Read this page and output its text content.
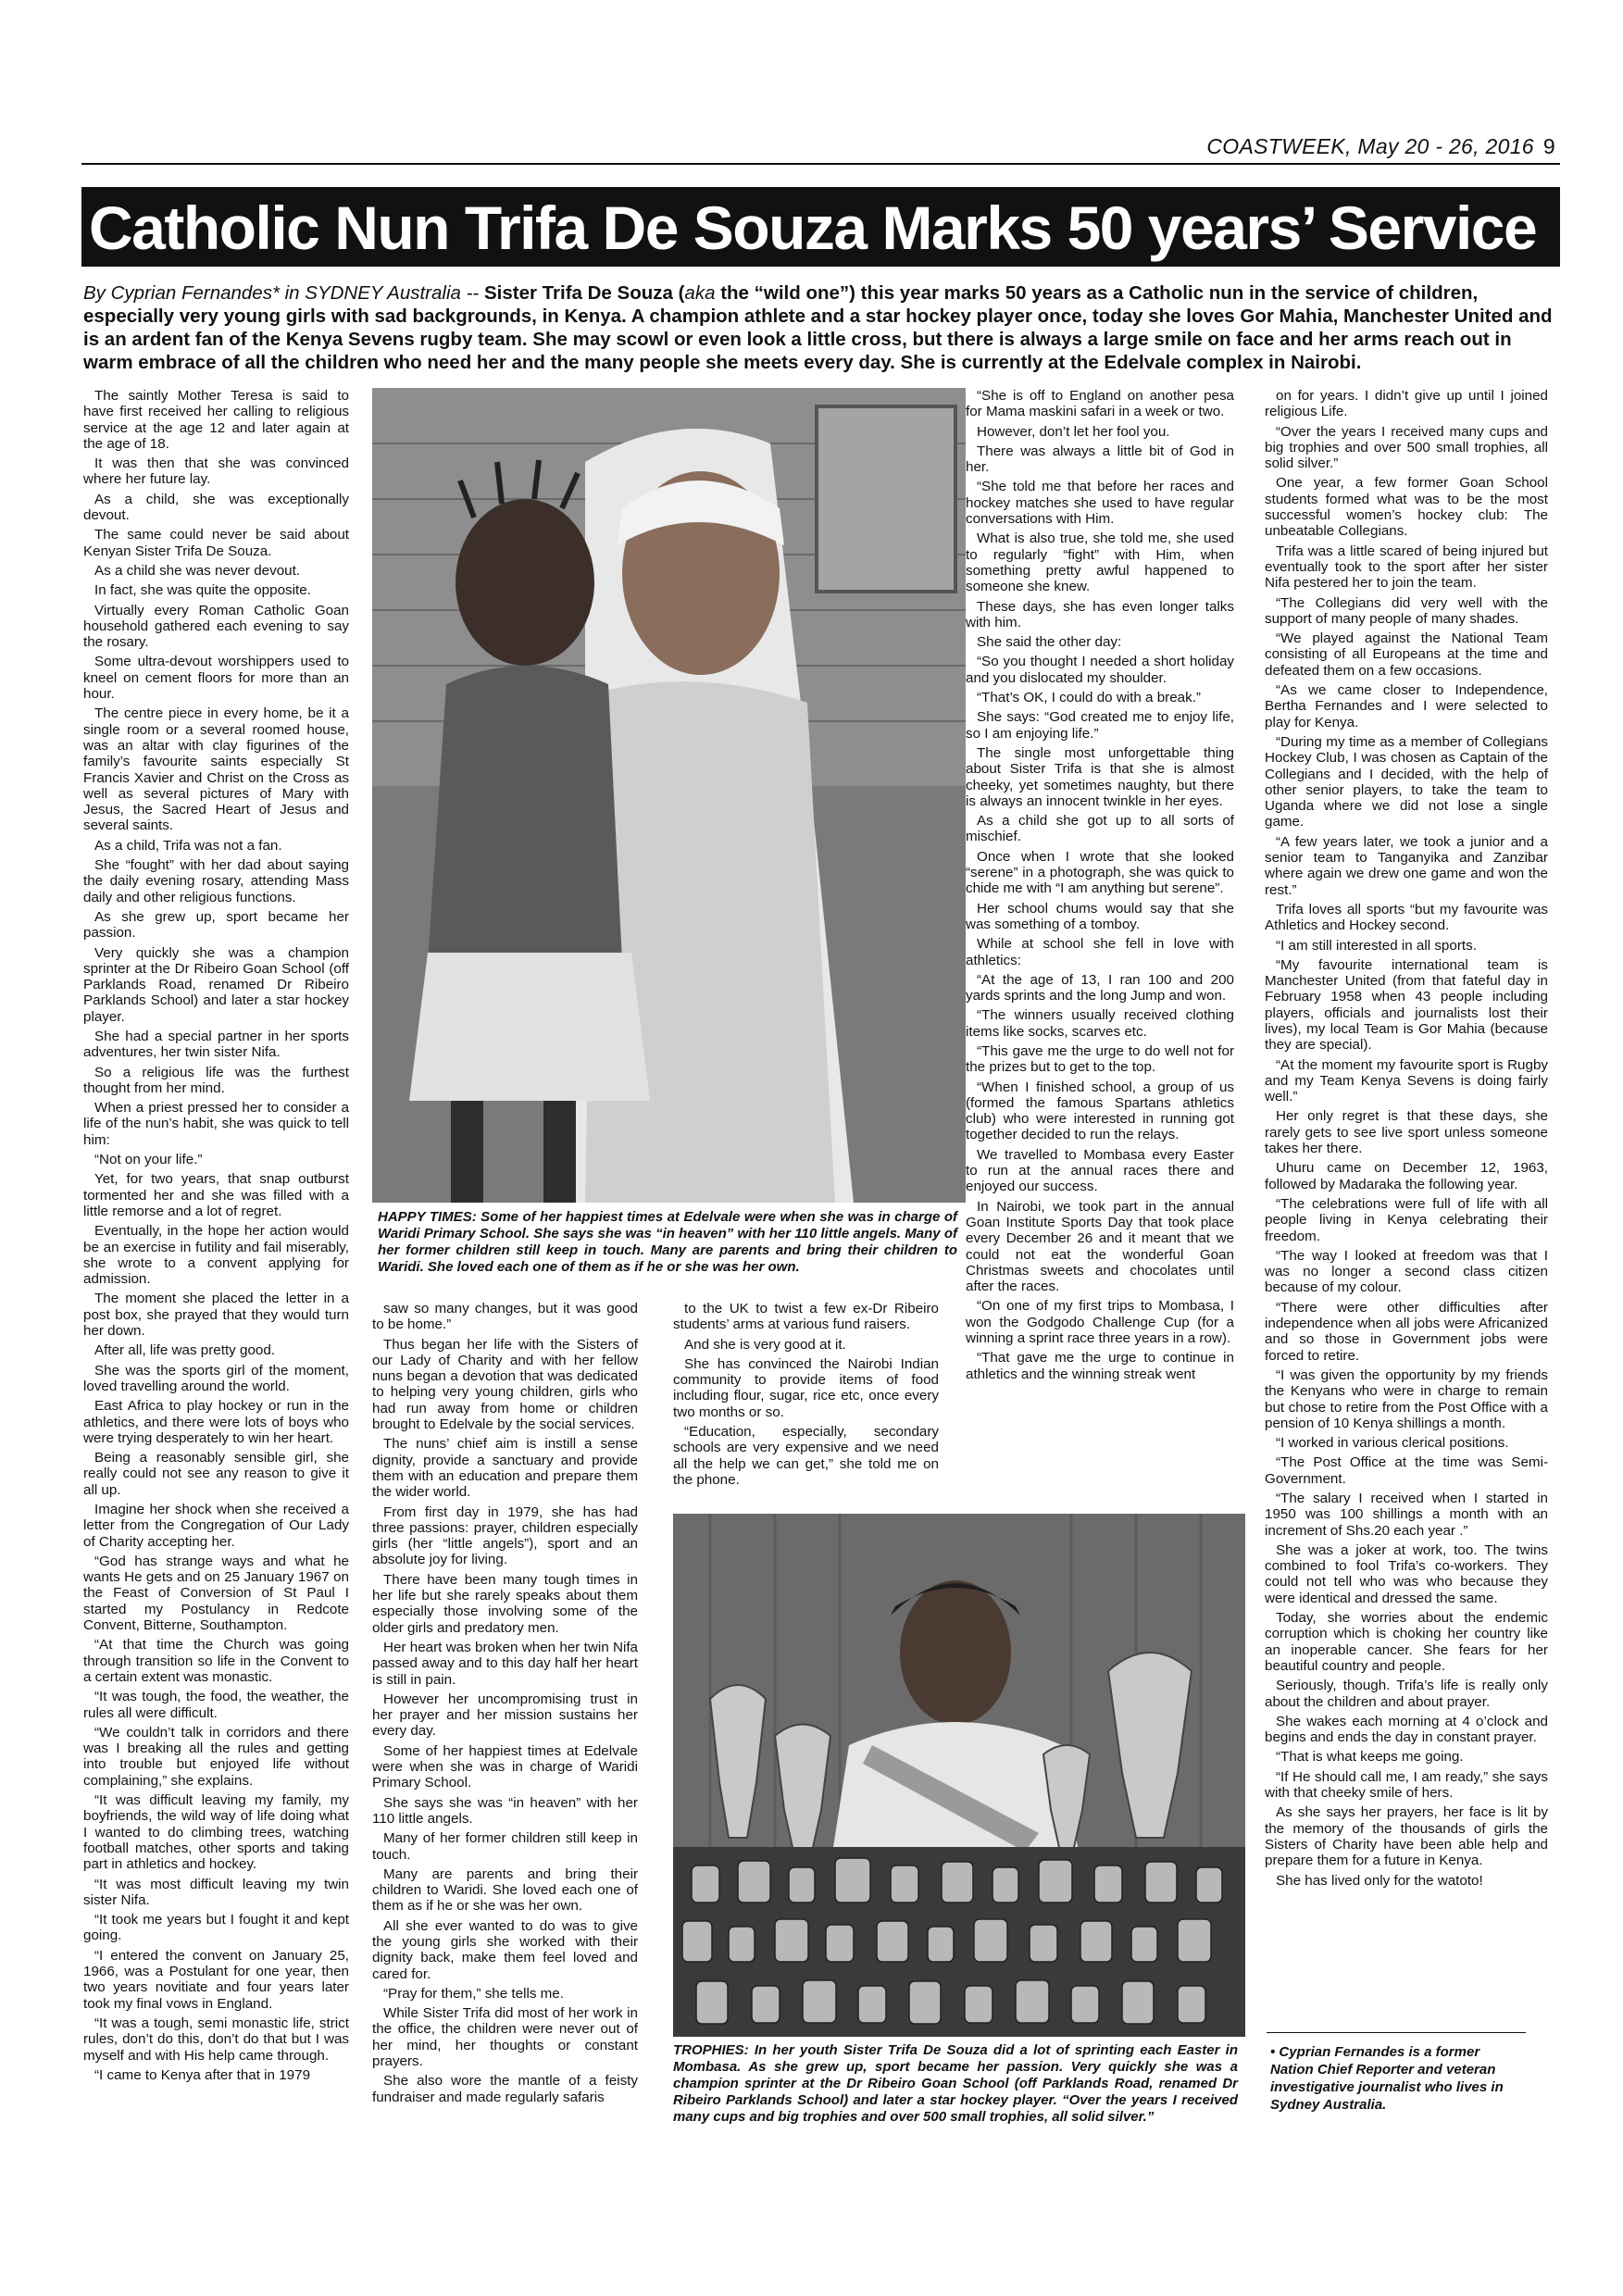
COASTWEEK, May 20 - 26, 2016 9
Catholic Nun Trifa De Souza Marks 50 years’ Service
By Cyprian Fernandes* in SYDNEY Australia -- Sister Trifa De Souza (aka the “wild one”) this year marks 50 years as a Catholic nun in the service of children, especially very young girls with sad backgrounds, in Kenya. A champion athlete and a star hockey player once, today she loves Gor Mahia, Manchester United and is an ardent fan of the Kenya Sevens rugby team. She may scowl or even look a little cross, but there is always a large smile on face and her arms reach out in warm embrace of all the children who need her and the many people she meets every day. She is currently at the Edelvale complex in Nairobi.

The saintly Mother Teresa is said to have first received her calling to religious service at the age 12 and later again at the age of 18.

It was then that she was convinced where her future lay.

As a child, she was exceptionally devout.

The same could never be said about Kenyan Sister Trifa De Souza.

As a child she was never devout.

In fact, she was quite the opposite.

Virtually every Roman Catholic Goan household gathered each evening to say the rosary.

Some ultra-devout worshippers used to kneel on cement floors for more than an hour.

The centre piece in every home, be it a single room or a several roomed house, was an altar with clay figurines of the family’s favourite saints especially St Francis Xavier and Christ on the Cross as well as several pictures of Mary with Jesus, the Sacred Heart of Jesus and several saints.

As a child, Trifa was not a fan.

She “fought” with her dad about saying the daily evening rosary, attending Mass daily and other religious functions.

As she grew up, sport became her passion.

Very quickly she was a champion sprinter at the Dr Ribeiro Goan School (off Parklands Road, renamed Dr Ribeiro Parklands School) and later a star hockey player.

She had a special partner in her sports adventures, her twin sister Nifa.

So a religious life was the furthest thought from her mind.

When a priest pressed her to consider a life of the nun’s habit, she was quick to tell him:

“Not on your life.”

Yet, for two years, that snap outburst tormented her and she was filled with a little remorse and a lot of regret.

Eventually, in the hope her action would be an exercise in futility and fail miserably, she wrote to a convent applying for admission.

The moment she placed the letter in a post box, she prayed that they would turn her down.

After all, life was pretty good.

She was the sports girl of the moment, loved travelling around the world.

East Africa to play hockey or run in the athletics, and there were lots of boys who were trying desperately to win her heart.

Being a reasonably sensible girl, she really could not see any reason to give it all up.

Imagine her shock when she received a letter from the Congregation of Our Lady of Charity accepting her.

“God has strange ways and what he wants He gets and on 25 January 1967 on the Feast of Conversion of St Paul I started my Postulancy in Redcote Convent, Bitterne, Southampton.

“At that time the Church was going through transition so life in the Convent to a certain extent was monastic.

“It was tough, the food, the weather, the rules all were difficult.

“We couldn’t talk in corridors and there was I breaking all the rules and getting into trouble but enjoyed life without complaining,” she explains.

“It was difficult leaving my family, my boyfriends, the wild way of life doing what I wanted to do climbing trees, watching football matches, other sports and taking part in athletics and hockey.

“It was most difficult leaving my twin sister Nifa.

“It took me years but I fought it and kept going.

“I entered the convent on January 25, 1966, was a Postulant for one year, then two years novitiate and four years later took my final vows in England.

“It was a tough, semi monastic life, strict rules, don’t do this, don’t do that but I was myself and with His help came through.

“I came to Kenya after that in 1979

HAPPY TIMES: Some of her happiest times at Edelvale were when she was in charge of Waridi Primary School. She says she was “in heaven” with her 110 little angels. Many of her former children still keep in touch. Many are parents and bring their children to Waridi. She loved each one of them as if he or she was her own.

saw so many changes, but it was good to be home.”

Thus began her life with the Sisters of our Lady of Charity and with her fellow nuns began a devotion that was dedicated to helping very young children, girls who had run away from home or children brought to Edelvale by the social services.

The nuns’ chief aim is instill a sense dignity, provide a sanctuary and provide them with an education and prepare them the wider world.

From first day in 1979, she has had three passions: prayer, children especially girls (her “little angels”), sport and an absolute joy for living.

There have been many tough times in her life but she rarely speaks about them especially those involving some of the older girls and predatory men.

Her heart was broken when her twin Nifa passed away and to this day half her heart is still in pain.

However her uncompromising trust in her prayer and her mission sustains her every day.

Some of her happiest times at Edelvale were when she was in charge of Waridi Primary School.

She says she was “in heaven” with her 110 little angels.

Many of her former children still keep in touch.

Many are parents and bring their children to Waridi. She loved each one of them as if he or she was her own.

All she ever wanted to do was to give the young girls she worked with their dignity back, make them feel loved and cared for.

“Pray for them,” she tells me.

While Sister Trifa did most of her work in the office, the children were never out of her mind, her thoughts or constant prayers.

She also wore the mantle of a feisty fundraiser and made regularly safaris

to the UK to twist a few ex-Dr Ribeiro students’ arms at various fund raisers.

And she is very good at it.

She has convinced the Nairobi Indian community to provide items of food including flour, sugar, rice etc, once every two months or so.

“Education, especially, secondary schools are very expensive and we need all the help we can get,” she told me on the phone.

“She is off to England on another pesa for Mama maskini safari in a week or two.

However, don’t let her fool you.

There was always a little bit of God in her.

“She told me that before her races and hockey matches she used to have regular conversations with Him.

What is also true, she told me, she used to regularly “fight” with Him, when something pretty awful happened to someone she knew.

These days, she has even longer talks with him.

She said the other day:

“So you thought I needed a short holiday and you dislocated my shoulder.

“That’s OK, I could do with a break.”

She says: “God created me to enjoy life, so I am enjoying life.”

The single most unforgettable thing about Sister Trifa is that she is almost cheeky, yet sometimes naughty, but there is always an innocent twinkle in her eyes.

As a child she got up to all sorts of mischief.

Once when I wrote that she looked “serene” in a photograph, she was quick to chide me with “I am anything but serene”.

Her school chums would say that she was something of a tomboy.

While at school she fell in love with athletics:

“At the age of 13, I ran 100 and 200 yards sprints and the long Jump and won.

“The winners usually received clothing items like socks, scarves etc.

“This gave me the urge to do well not for the prizes but to get to the top.

“When I finished school, a group of us (formed the famous Spartans athletics club) who were interested in running got together decided to run the relays.

We travelled to Mombasa every Easter to run at the annual races there and enjoyed our success.

In Nairobi, we took part in the annual Goan Institute Sports Day that took place every December 26 and it meant that we could not eat the wonderful Goan Christmas sweets and chocolates until after the races.

“On one of my first trips to Mombasa, I won the Godgodo Challenge Cup (for a winning a sprint race three years in a row).

“That gave me the urge to continue in athletics and the winning streak went

on for years. I didn’t give up until I joined religious Life.

“Over the years I received many cups and big trophies and over 500 small trophies, all solid silver.”

One year, a few former Goan School students formed what was to be the most successful women’s hockey club: The unbeatable Collegians.

Trifa was a little scared of being injured but eventually took to the sport after her sister Nifa pestered her to join the team.

“The Collegians did very well with the support of many people of many shades.

“We played against the National Team consisting of all Europeans at the time and defeated them on a few occasions.

“As we came closer to Independence, Bertha Fernandes and I were selected to play for Kenya.

“During my time as a member of Collegians Hockey Club, I was chosen as Captain of the Collegians and I decided, with the help of other senior players, to take the team to Uganda where we did not lose a single game.

“A few years later, we took a junior and a senior team to Tanganyika and Zanzibar where again we drew one game and won the rest.”

Trifa loves all sports “but my favourite was Athletics and Hockey second.

“I am still interested in all sports.

“My favourite international team is Manchester United (from that fateful day in February 1958 when 43 people including players, officials and journalists lost their lives), my local Team is Gor Mahia (because they are special).

“At the moment my favourite sport is Rugby and my Team Kenya Sevens is doing fairly well.”

Her only regret is that these days, she rarely gets to see live sport unless someone takes her there.

Uhuru came on December 12, 1963, followed by Madaraka the following year.

“The celebrations were full of life with all people living in Kenya celebrating their freedom.

“The way I looked at freedom was that I was no longer a second class citizen because of my colour.

“There were other difficulties after independence when all jobs were Africanized and so those in Government jobs were forced to retire.

“I was given the opportunity by my friends the Kenyans who were in charge to remain but chose to retire from the Post Office with a pension of 10 Kenya shillings a month.

“I worked in various clerical positions.

“The Post Office at the time was Semi-Government.

“The salary I received when I started in 1950 was 100 shillings a month with an increment of Shs.20 each year .”

She was a joker at work, too. The twins combined to fool Trifa’s co-workers. They could not tell who was who because they were identical and dressed the same.

Today, she worries about the endemic corruption which is choking her country like an inoperable cancer. She fears for her beautiful country and people.

Seriously, though. Trifa’s life is really only about the children and about prayer.

She wakes each morning at 4 o’clock and begins and ends the day in constant prayer.

“That is what keeps me going.

“If He should call me, I am ready,” she says with that cheeky smile of hers.

As she says her prayers, her face is lit by the memory of the thousands of girls the Sisters of Charity have been able help and prepare them for a future in Kenya.

She has lived only for the watoto!

TROPHIES: In her youth Sister Trifa De Souza did a lot of sprinting each Easter in Mombasa. As she grew up, sport became her passion. Very quickly she was a champion sprinter at the Dr Ribeiro Goan School (off Parklands Road, renamed Dr Ribeiro Parklands School) and later a star hockey player. “Over the years I received many cups and big trophies and over 500 small trophies, all solid silver.”
• Cyprian Fernandes is a former Nation Chief Reporter and veteran investigative journalist who lives in Sydney Australia.
